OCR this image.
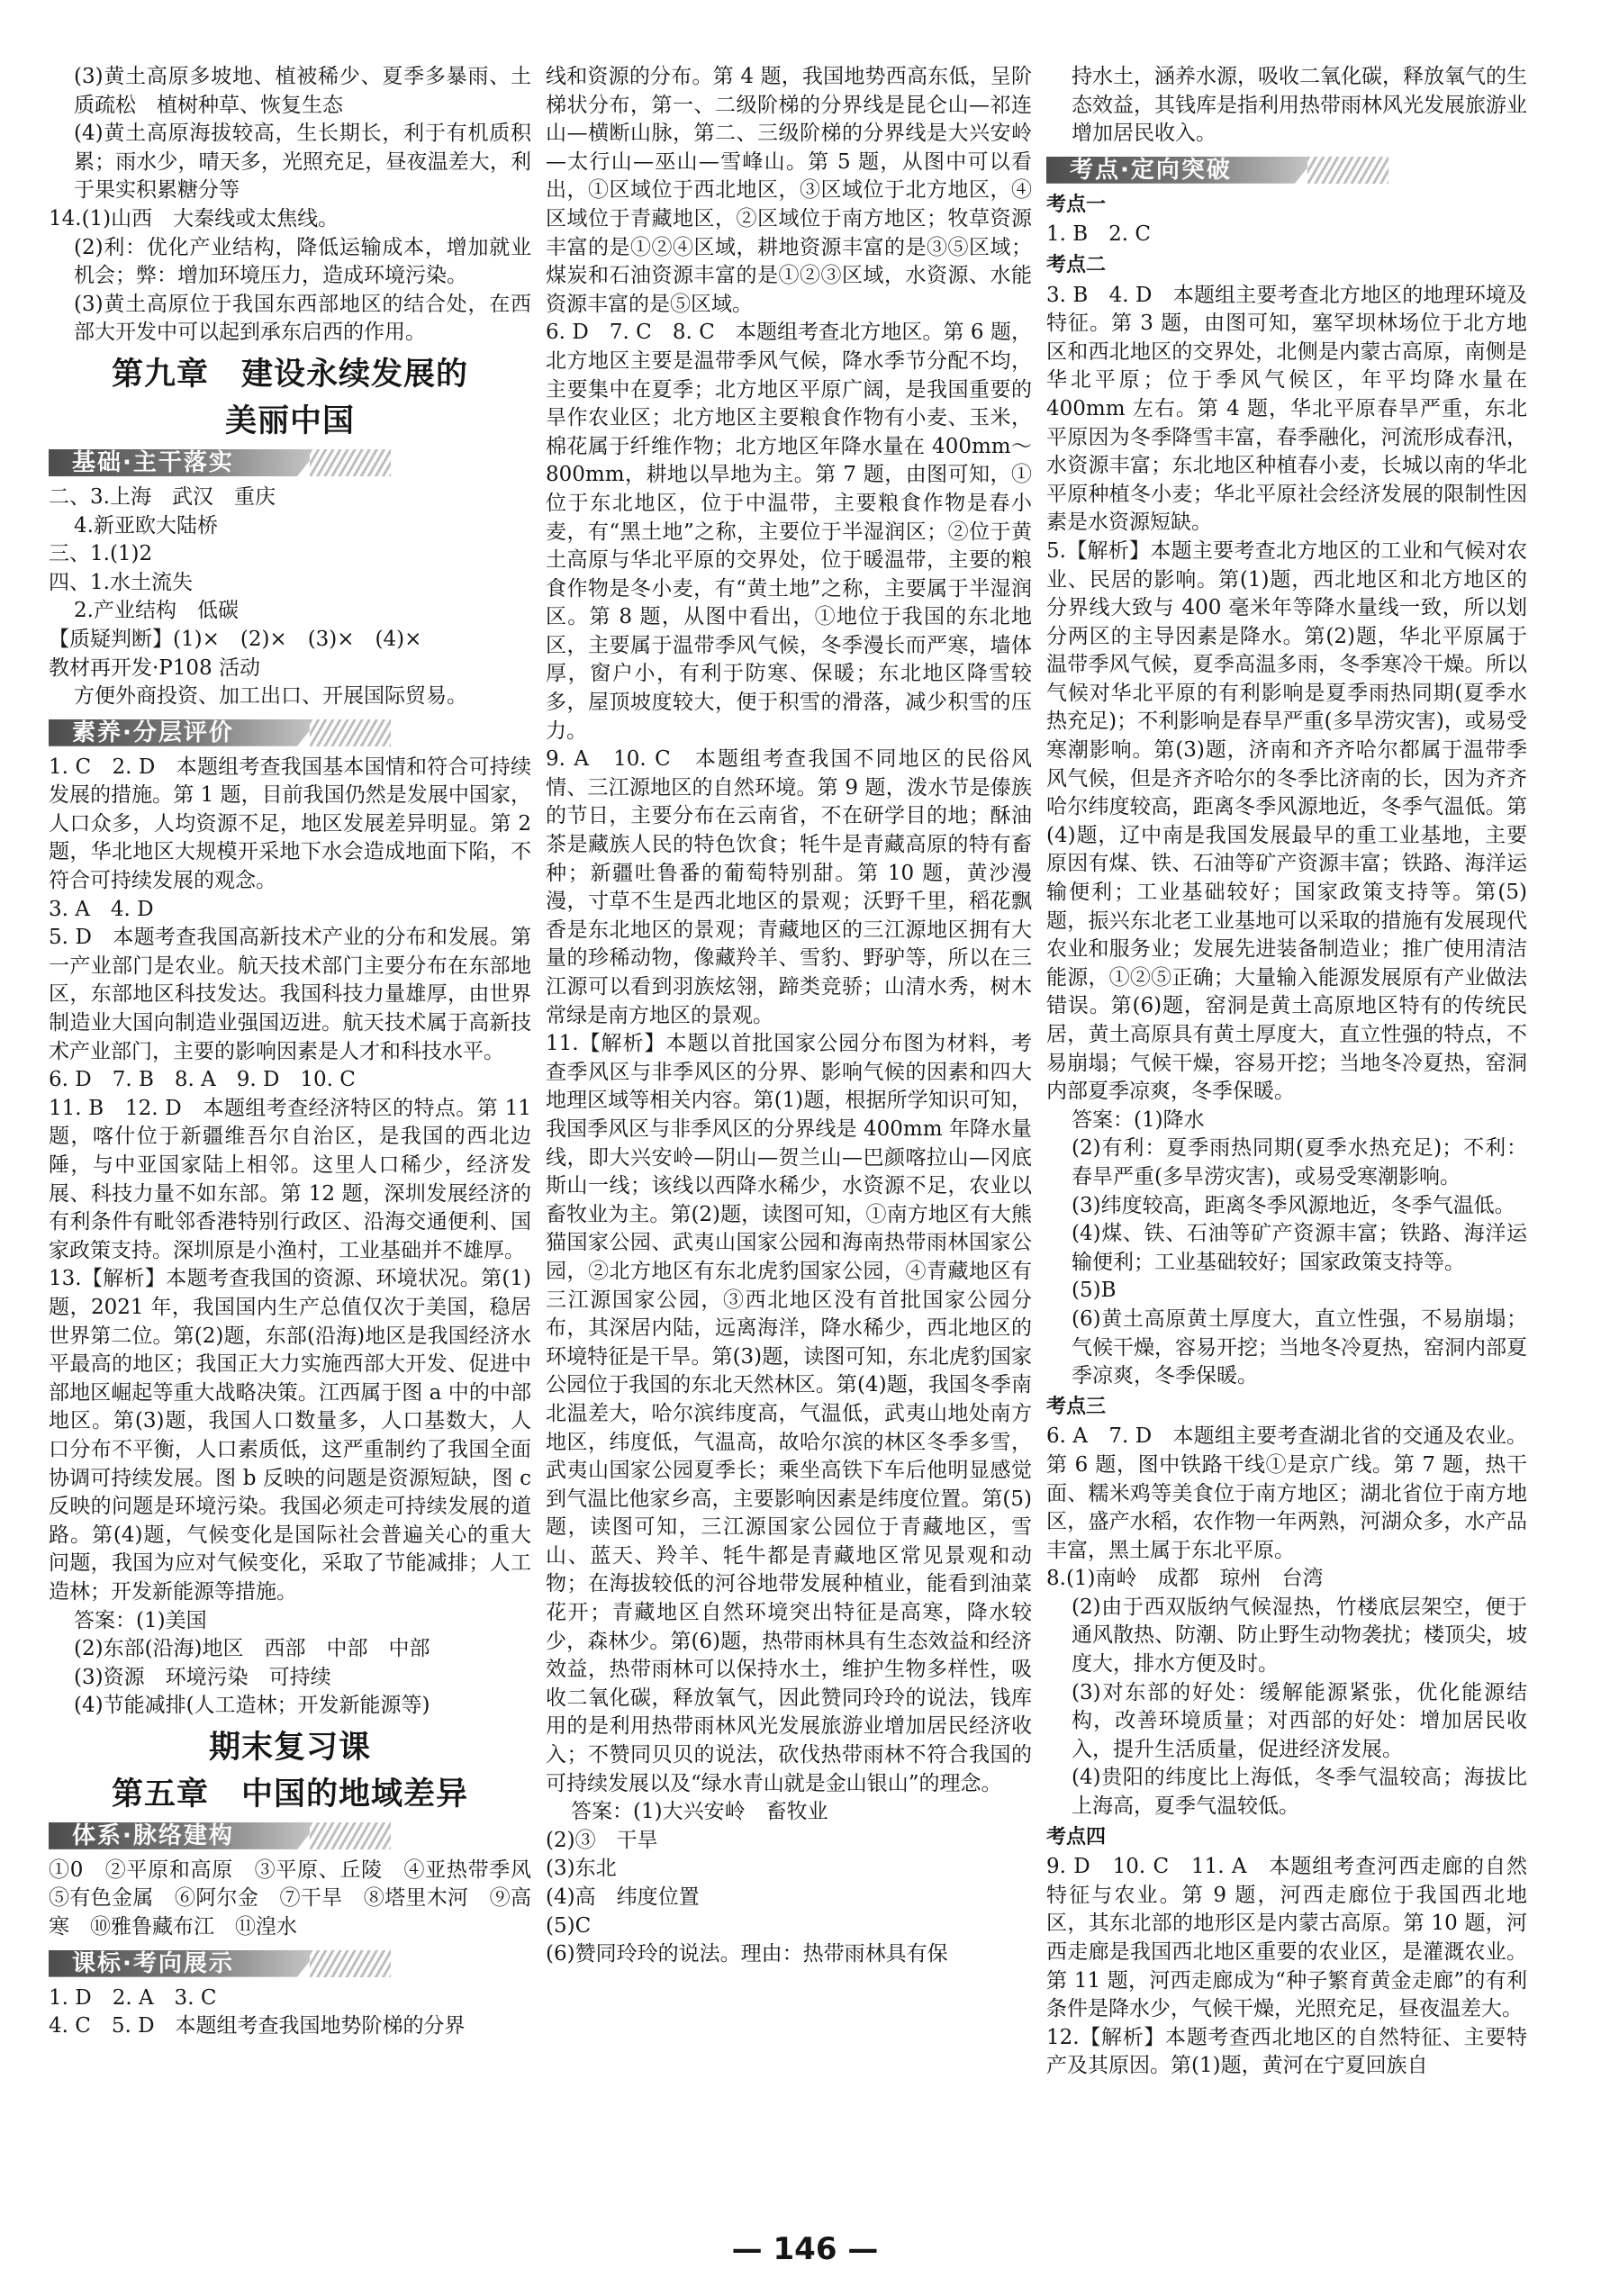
(3)黄土高原多坡地、植被稀少、夏季多暴雨、土质疏松　植树种草、恢复生态

(4)黄土高原海拔较高，生长期长，利于有机质积累；雨水少，晴天多，光照充足，昼夜温差大，利于果实积累糖分等

14.(1)山西　大秦线或太焦线。

(2)利：优化产业结构，降低运输成本，增加就业机会；弊：增加环境压力，造成环境污染。

(3)黄土高原位于我国东西部地区的结合处，在西部大开发中可以起到承东启西的作用。

第九章　建设永续发展的
美丽中国
基础·主干落实

二、3.上海　武汉　重庆

4.新亚欧大陆桥

三、1.(1)2

四、1.水土流失

2.产业结构　低碳

【质疑判断】(1)×　(2)×　(3)×　(4)×

教材再开发·P108 活动

方便外商投资、加工出口、开展国际贸易。

素养·分层评价

1. C　2. D　本题组考查我国基本国情和符合可持续发展的措施。第 1 题，目前我国仍然是发展中国家，人口众多，人均资源不足，地区发展差异明显。第 2 题，华北地区大规模开采地下水会造成地面下陷，不符合可持续发展的观念。

3. A　4. D

5. D　本题考查我国高新技术产业的分布和发展。第一产业部门是农业。航天技术部门主要分布在东部地区，东部地区科技发达。我国科技力量雄厚，由世界制造业大国向制造业强国迈进。航天技术属于高新技术产业部门，主要的影响因素是人才和科技水平。

6. D　7. B　8. A　9. D　10. C

11. B　12. D　本题组考查经济特区的特点。第 11 题，喀什位于新疆维吾尔自治区，是我国的西北边陲，与中亚国家陆上相邻。这里人口稀少，经济发展、科技力量不如东部。第 12 题，深圳发展经济的有利条件有毗邻香港特别行政区、沿海交通便利、国家政策支持。深圳原是小渔村，工业基础并不雄厚。

13.【解析】本题考查我国的资源、环境状况。第(1)题，2021 年，我国国内生产总值仅次于美国，稳居世界第二位。第(2)题，东部(沿海)地区是我国经济水平最高的地区；我国正大力实施西部大开发、促进中部地区崛起等重大战略决策。江西属于图 a 中的中部地区。第(3)题，我国人口数量多，人口基数大，人口分布不平衡，人口素质低，这严重制约了我国全面协调可持续发展。图 b 反映的问题是资源短缺，图 c 反映的问题是环境污染。我国必须走可持续发展的道路。第(4)题，气候变化是国际社会普遍关心的重大问题，我国为应对气候变化，采取了节能减排；人工造林；开发新能源等措施。

答案：(1)美国

(2)东部(沿海)地区　西部　中部　中部

(3)资源　环境污染　可持续

(4)节能减排(人工造林；开发新能源等)

期末复习课
第五章　中国的地域差异
体系·脉络建构

①0　②平原和高原　③平原、丘陵　④亚热带季风　⑤有色金属　⑥阿尔金　⑦干旱　⑧塔里木河　⑨高寒　⑩雅鲁藏布江　⑪湟水

课标·考向展示

1. D　2. A　3. C

4. C　5. D　本题组考查我国地势阶梯的分界

线和资源的分布。第 4 题，我国地势西高东低，呈阶梯状分布，第一、二级阶梯的分界线是昆仑山—祁连山—横断山脉，第二、三级阶梯的分界线是大兴安岭—太行山—巫山—雪峰山。第 5 题，从图中可以看出，①区域位于西北地区，③区域位于北方地区，④区域位于青藏地区，②区域位于南方地区；牧草资源丰富的是①②④区域，耕地资源丰富的是③⑤区域；煤炭和石油资源丰富的是①②③区域，水资源、水能资源丰富的是⑤区域。

6. D　7. C　8. C　本题组考查北方地区。第 6 题，北方地区主要是温带季风气候，降水季节分配不均，主要集中在夏季；北方地区平原广阔，是我国重要的旱作农业区；北方地区主要粮食作物有小麦、玉米，棉花属于纤维作物；北方地区年降水量在 400mm～800mm，耕地以旱地为主。第 7 题，由图可知，①位于东北地区，位于中温带，主要粮食作物是春小麦，有“黑土地”之称，主要位于半湿润区；②位于黄土高原与华北平原的交界处，位于暖温带，主要的粮食作物是冬小麦，有“黄土地”之称，主要属于半湿润区。第 8 题，从图中看出，①地位于我国的东北地区，主要属于温带季风气候，冬季漫长而严寒，墙体厚，窗户小，有利于防寒、保暖；东北地区降雪较多，屋顶坡度较大，便于积雪的滑落，减少积雪的压力。

9. A　10. C　本题组考查我国不同地区的民俗风情、三江源地区的自然环境。第 9 题，泼水节是傣族的节日，主要分布在云南省，不在研学目的地；酥油茶是藏族人民的特色饮食；牦牛是青藏高原的特有畜种；新疆吐鲁番的葡萄特别甜。第 10 题，黄沙漫漫，寸草不生是西北地区的景观；沃野千里，稻花飘香是东北地区的景观；青藏地区的三江源地区拥有大量的珍稀动物，像藏羚羊、雪豹、野驴等，所以在三江源可以看到羽族炫翎，蹄类竞骄；山清水秀，树木常绿是南方地区的景观。

11.【解析】本题以首批国家公园分布图为材料，考查季风区与非季风区的分界、影响气候的因素和四大地理区域等相关内容。第(1)题，根据所学知识可知，我国季风区与非季风区的分界线是 400mm 年降水量线，即大兴安岭—阴山—贺兰山—巴颜喀拉山—冈底斯山一线；该线以西降水稀少，水资源不足，农业以畜牧业为主。第(2)题，读图可知，①南方地区有大熊猫国家公园、武夷山国家公园和海南热带雨林国家公园，②北方地区有东北虎豹国家公园，④青藏地区有三江源国家公园，③西北地区没有首批国家公园分布，其深居内陆，远离海洋，降水稀少，西北地区的环境特征是干旱。第(3)题，读图可知，东北虎豹国家公园位于我国的东北天然林区。第(4)题，我国冬季南北温差大，哈尔滨纬度高，气温低，武夷山地处南方地区，纬度低，气温高，故哈尔滨的林区冬季多雪，武夷山国家公园夏季长；乘坐高铁下车后他明显感觉到气温比他家乡高，主要影响因素是纬度位置。第(5)题，读图可知，三江源国家公园位于青藏地区，雪山、蓝天、羚羊、牦牛都是青藏地区常见景观和动物；在海拔较低的河谷地带发展种植业，能看到油菜花开；青藏地区自然环境突出特征是高寒，降水较少，森林少。第(6)题，热带雨林具有生态效益和经济效益，热带雨林可以保持水土，维护生物多样性，吸收二氧化碳，释放氧气，因此赞同玲玲的说法，钱库用的是利用热带雨林风光发展旅游业增加居民经济收入；不赞同贝贝的说法，砍伐热带雨林不符合我国的可持续发展以及“绿水青山就是金山银山”的理念。

答案：(1)大兴安岭　畜牧业

(2)③　干旱

(3)东北

(4)高　纬度位置

(5)C

(6)赞同玲玲的说法。理由：热带雨林具有保

持水土，涵养水源，吸收二氧化碳，释放氧气的生态效益，其钱库是指利用热带雨林风光发展旅游业增加居民收入。

考点·定向突破
考点一

1. B　2. C

考点二

3. B　4. D　本题组主要考查北方地区的地理环境及特征。第 3 题，由图可知，塞罕坝林场位于北方地区和西北地区的交界处，北侧是内蒙古高原，南侧是华北平原；位于季风气候区，年平均降水量在 400mm 左右。第 4 题，华北平原春旱严重，东北平原因为冬季降雪丰富，春季融化，河流形成春汛，水资源丰富；东北地区种植春小麦，长城以南的华北平原种植冬小麦；华北平原社会经济发展的限制性因素是水资源短缺。

5.【解析】本题主要考查北方地区的工业和气候对农业、民居的影响。第(1)题，西北地区和北方地区的分界线大致与 400 毫米年等降水量线一致，所以划分两区的主导因素是降水。第(2)题，华北平原属于温带季风气候，夏季高温多雨，冬季寒冷干燥。所以气候对华北平原的有利影响是夏季雨热同期(夏季水热充足)；不利影响是春旱严重(多旱涝灾害)，或易受寒潮影响。第(3)题，济南和齐齐哈尔都属于温带季风气候，但是齐齐哈尔的冬季比济南的长，因为齐齐哈尔纬度较高，距离冬季风源地近，冬季气温低。第(4)题，辽中南是我国发展最早的重工业基地，主要原因有煤、铁、石油等矿产资源丰富；铁路、海洋运输便利；工业基础较好；国家政策支持等。第(5)题，振兴东北老工业基地可以采取的措施有发展现代农业和服务业；发展先进装备制造业；推广使用清洁能源，①②⑤正确；大量输入能源发展原有产业做法错误。第(6)题，窑洞是黄土高原地区特有的传统民居，黄土高原具有黄土厚度大，直立性强的特点，不易崩塌；气候干燥，容易开挖；当地冬冷夏热，窑洞内部夏季凉爽，冬季保暖。

答案：(1)降水

(2)有利：夏季雨热同期(夏季水热充足)；不利：春旱严重(多旱涝灾害)，或易受寒潮影响。

(3)纬度较高，距离冬季风源地近，冬季气温低。

(4)煤、铁、石油等矿产资源丰富；铁路、海洋运输便利；工业基础较好；国家政策支持等。

(5)B

(6)黄土高原黄土厚度大，直立性强，不易崩塌；气候干燥，容易开挖；当地冬冷夏热，窑洞内部夏季凉爽，冬季保暖。

考点三

6. A　7. D　本题组主要考查湖北省的交通及农业。第 6 题，图中铁路干线①是京广线。第 7 题，热干面、糯米鸡等美食位于南方地区；湖北省位于南方地区，盛产水稻，农作物一年两熟，河湖众多，水产品丰富，黑土属于东北平原。

8.(1)南岭　成都　琼州　台湾

(2)由于西双版纳气候湿热，竹楼底层架空，便于通风散热、防潮、防止野生动物袭扰；楼顶尖，坡度大，排水方便及时。

(3)对东部的好处：缓解能源紧张，优化能源结构，改善环境质量；对西部的好处：增加居民收入，提升生活质量，促进经济发展。

(4)贵阳的纬度比上海低，冬季气温较高；海拔比上海高，夏季气温较低。

考点四

9. D　10. C　11. A　本题组考查河西走廊的自然特征与农业。第 9 题，河西走廊位于我国西北地区，其东北部的地形区是内蒙古高原。第 10 题，河西走廊是我国西北地区重要的农业区，是灌溉农业。第 11 题，河西走廊成为“种子繁育黄金走廊”的有利条件是降水少，气候干燥，光照充足，昼夜温差大。

12.【解析】本题考查西北地区的自然特征、主要特产及其原因。第(1)题，黄河在宁夏回族自

— 146 —
